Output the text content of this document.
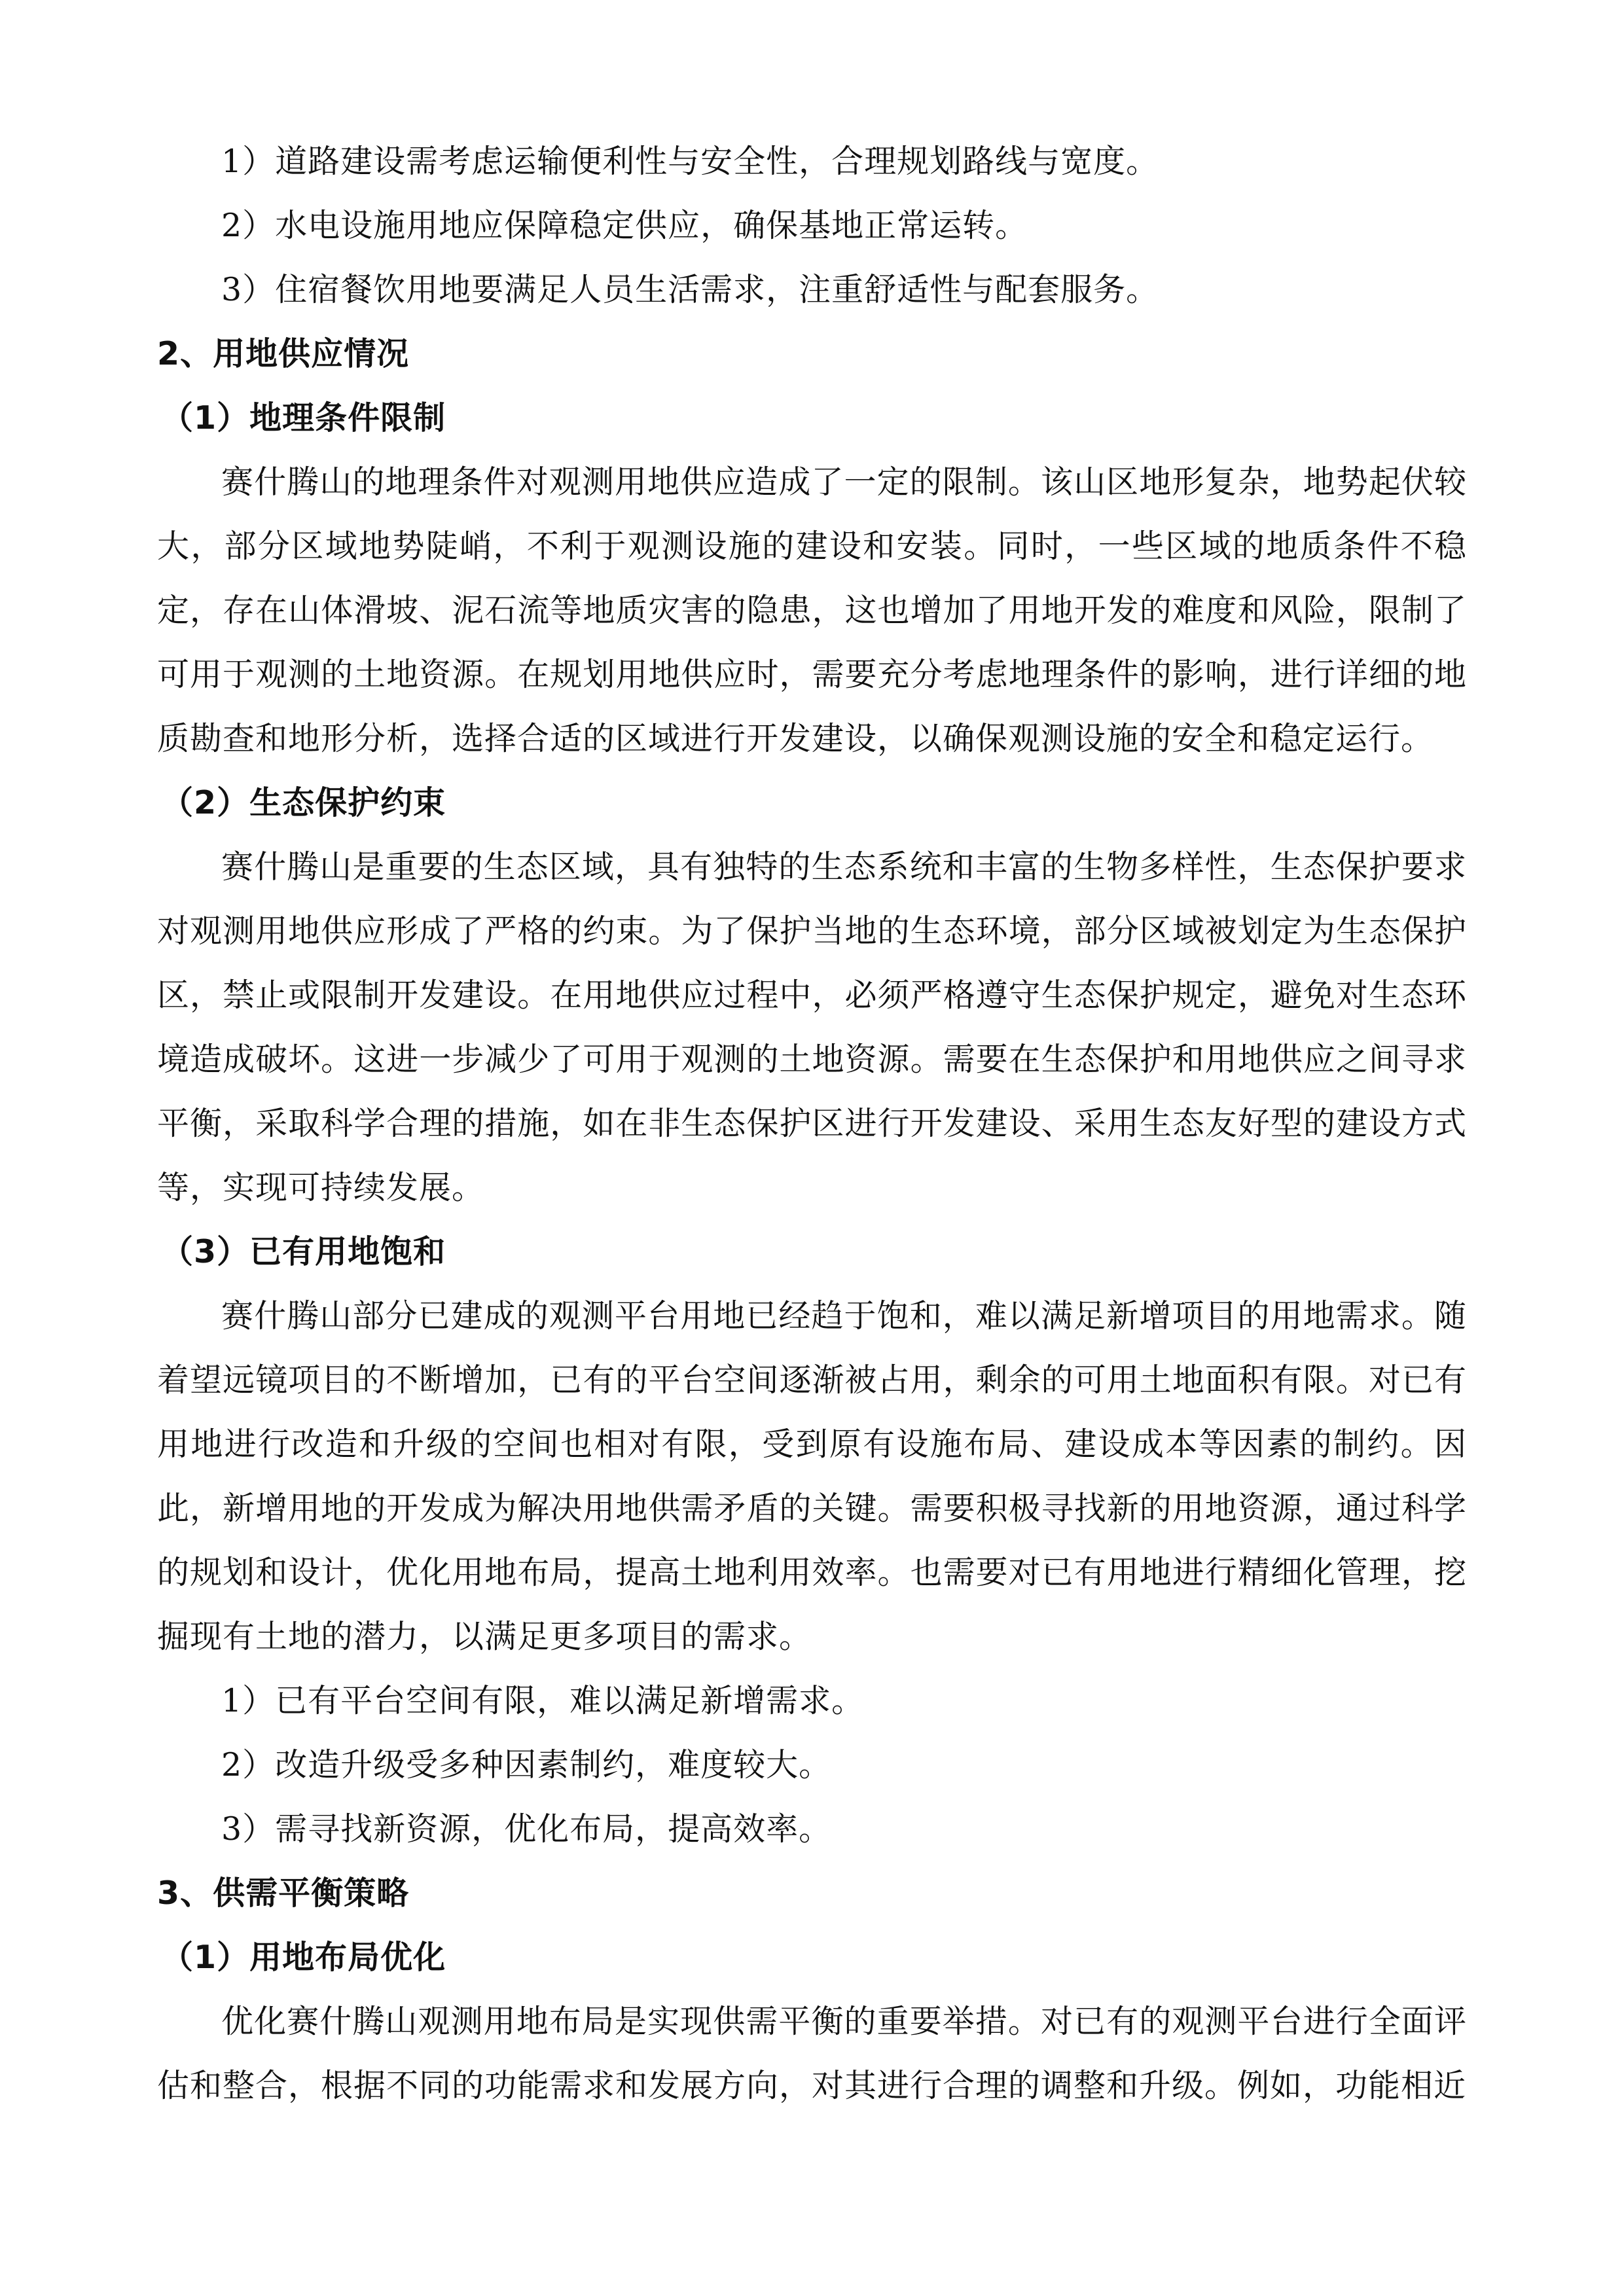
1）道路建设需考虑运输便利性与安全性，合理规划路线与宽度。

2）水电设施用地应保障稳定供应，确保基地正常运转。

3）住宿餐饮用地要满足人员生活需求，注重舒适性与配套服务。

2、用地供应情况

（1）地理条件限制

赛什腾山的地理条件对观测用地供应造成了一定的限制。该山区地形复杂，地势起伏较大，部分区域地势陡峭，不利于观测设施的建设和安装。同时，一些区域的地质条件不稳定，存在山体滑坡、泥石流等地质灾害的隐患，这也增加了用地开发的难度和风险，限制了可用于观测的土地资源。在规划用地供应时，需要充分考虑地理条件的影响，进行详细的地质勘查和地形分析，选择合适的区域进行开发建设，以确保观测设施的安全和稳定运行。

（2）生态保护约束

赛什腾山是重要的生态区域，具有独特的生态系统和丰富的生物多样性，生态保护要求对观测用地供应形成了严格的约束。为了保护当地的生态环境，部分区域被划定为生态保护区，禁止或限制开发建设。在用地供应过程中，必须严格遵守生态保护规定，避免对生态环境造成破坏。这进一步减少了可用于观测的土地资源。需要在生态保护和用地供应之间寻求平衡，采取科学合理的措施，如在非生态保护区进行开发建设、采用生态友好型的建设方式等，实现可持续发展。

（3）已有用地饱和

赛什腾山部分已建成的观测平台用地已经趋于饱和，难以满足新增项目的用地需求。随着望远镜项目的不断增加，已有的平台空间逐渐被占用，剩余的可用土地面积有限。对已有用地进行改造和升级的空间也相对有限，受到原有设施布局、建设成本等因素的制约。因此，新增用地的开发成为解决用地供需矛盾的关键。需要积极寻找新的用地资源，通过科学的规划和设计，优化用地布局，提高土地利用效率。也需要对已有用地进行精细化管理，挖掘现有土地的潜力，以满足更多项目的需求。

1）已有平台空间有限，难以满足新增需求。

2）改造升级受多种因素制约，难度较大。

3）需寻找新资源，优化布局，提高效率。

3、供需平衡策略

（1）用地布局优化

优化赛什腾山观测用地布局是实现供需平衡的重要举措。对已有的观测平台进行全面评估和整合，根据不同的功能需求和发展方向，对其进行合理的调整和升级。例如，功能相近
